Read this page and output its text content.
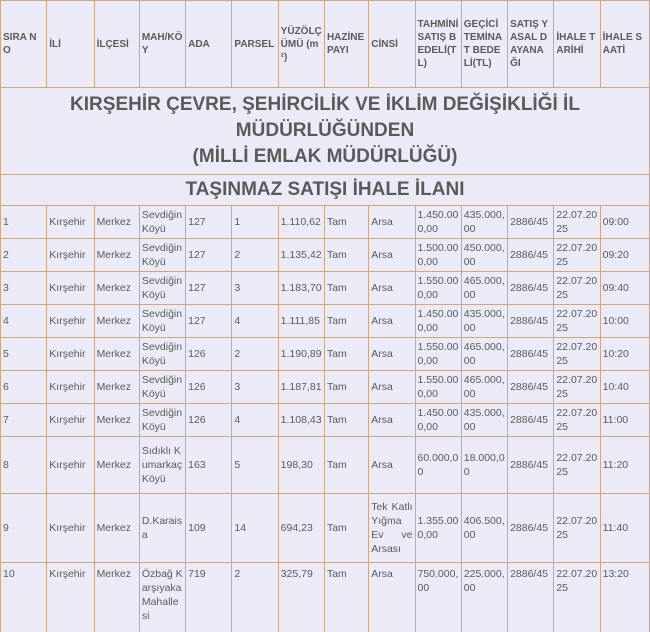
KIRŞEHİR ÇEVRE, ŞEHİRCİLİK VE İKLİM DEĞİŞİKLİĞİ İL MÜDÜRLÜĞÜNDEN
(MİLLİ EMLAK MÜDÜRLÜĞÜ)													

TAŞINMAZ SATIŞI İHALE İLANI													
SIRA NO	İLİ	İLÇESİ	MAH/KÖY	ADA	PARSEL	YÜZÖLÇÜMÜ (m²)	HAZİNE PAYI	CİNSİ	TAHMİNİ SATIŞ BEDELİ(TL)	GEÇİCİ TEMİNAT BEDELİ(TL)	SATIŞ YASAL DAYANAĞI	İHALE TARİHİ	İHALE SAATİ
1	Kırşehir	Merkez	Sevdiğin Köyü	127	1	1.110,62	Tam	Arsa	1.450.000,00	435.000,00	2886/45	22.07.2025	09:00
2	Kırşehir	Merkez	Sevdiğin Köyü	127	2	1.135,42	Tam	Arsa	1.500.000,00	450.000,00	2886/45	22.07.2025	09:20
3	Kırşehir	Merkez	Sevdiğin Köyü	127	3	1.183,70	Tam	Arsa	1.550.000,00	465.000,00	2886/45	22.07.2025	09:40
4	Kırşehir	Merkez	Sevdiğin Köyü	127	4	1.111,85	Tam	Arsa	1.450.000,00	435.000,00	2886/45	22.07.2025	10:00
5	Kırşehir	Merkez	Sevdiğin Köyü	126	2	1.190,89	Tam	Arsa	1.550.000,00	465.000,00	2886/45	22.07.2025	10:20
6	Kırşehir	Merkez	Sevdiğin Köyü	126	3	1.187,81	Tam	Arsa	1.550.000,00	465.000,00	2886/45	22.07.2025	10:40
7	Kırşehir	Merkez	Sevdiğin Köyü	126	4	1.108,43	Tam	Arsa	1.450.000,00	435.000,00	2886/45	22.07.2025	11:00
8	Kırşehir	Merkez	Sıdıklı Kumarkaç Köyü	163	5	198,30	Tam	Arsa	60.000,00	18.000,00	2886/45	22.07.2025	11:20
9	Kırşehir	Merkez	D.Karaisa	109	14	694,23	Tam	Tek Katlı Yığma Ev ve Arsası	1.355.000,00	406.500,00	2886/45	22.07.2025	11:40
10	Kırşehir	Merkez	Özbağ Karşıyaka Mahallesi	719	2	325,79	Tam	Arsa	750.000,00	225.000,00	2886/45	22.07.2025	13:20
